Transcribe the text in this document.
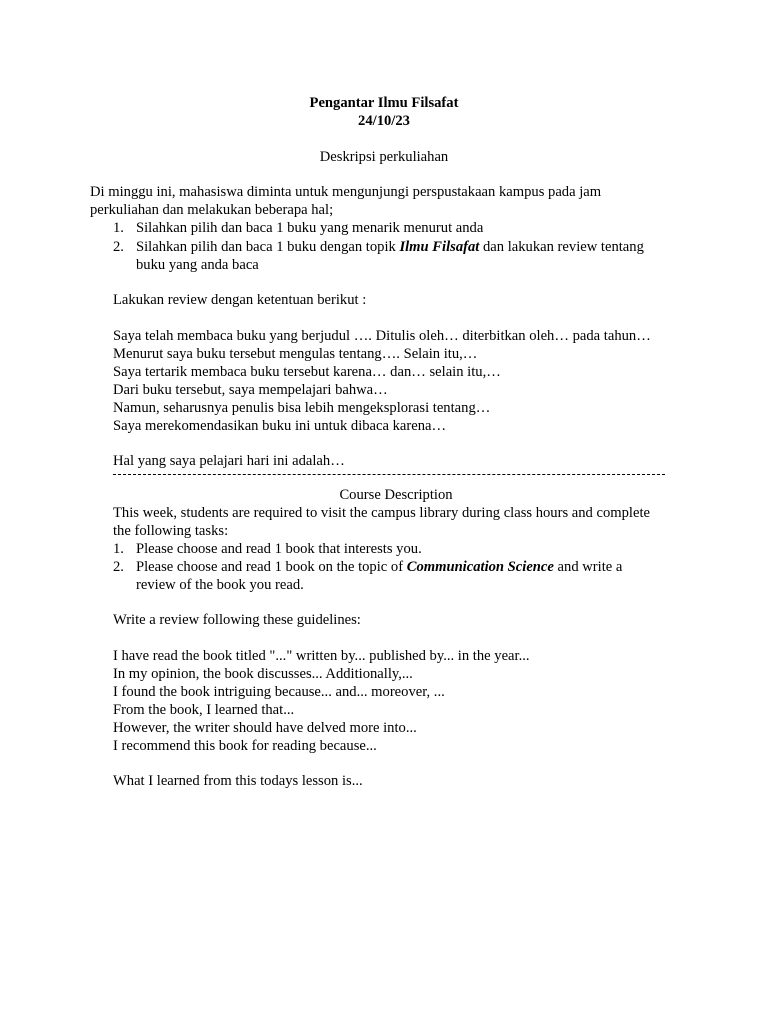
Pengantar Ilmu Filsafat
24/10/23
Deskripsi perkuliahan
Di minggu ini, mahasiswa diminta untuk mengunjungi perspustakaan kampus pada jam
perkuliahan dan melakukan beberapa hal;
1. Silahkan pilih dan baca 1 buku yang menarik menurut anda
2. Silahkan pilih dan baca 1 buku dengan topik Ilmu Filsafat dan lakukan review tentang
buku yang anda baca
Lakukan review dengan ketentuan berikut :
Saya telah membaca buku yang berjudul …. Ditulis oleh… diterbitkan oleh… pada tahun…
Menurut saya buku tersebut mengulas tentang…. Selain itu,…
Saya tertarik membaca buku tersebut karena… dan… selain itu,…
Dari buku tersebut, saya mempelajari bahwa…
Namun, seharusnya penulis bisa lebih mengeksplorasi tentang…
Saya merekomendasikan buku ini untuk dibaca karena…
Hal yang saya pelajari hari ini adalah…
Course Description
This week, students are required to visit the campus library during class hours and complete
the following tasks:
1. Please choose and read 1 book that interests you.
2. Please choose and read 1 book on the topic of Communication Science and write a
review of the book you read.
Write a review following these guidelines:
I have read the book titled "..." written by... published by... in the year...
In my opinion, the book discusses... Additionally,...
I found the book intriguing because... and... moreover, ...
From the book, I learned that...
However, the writer should have delved more into...
I recommend this book for reading because...
What I learned from this todays lesson is...
